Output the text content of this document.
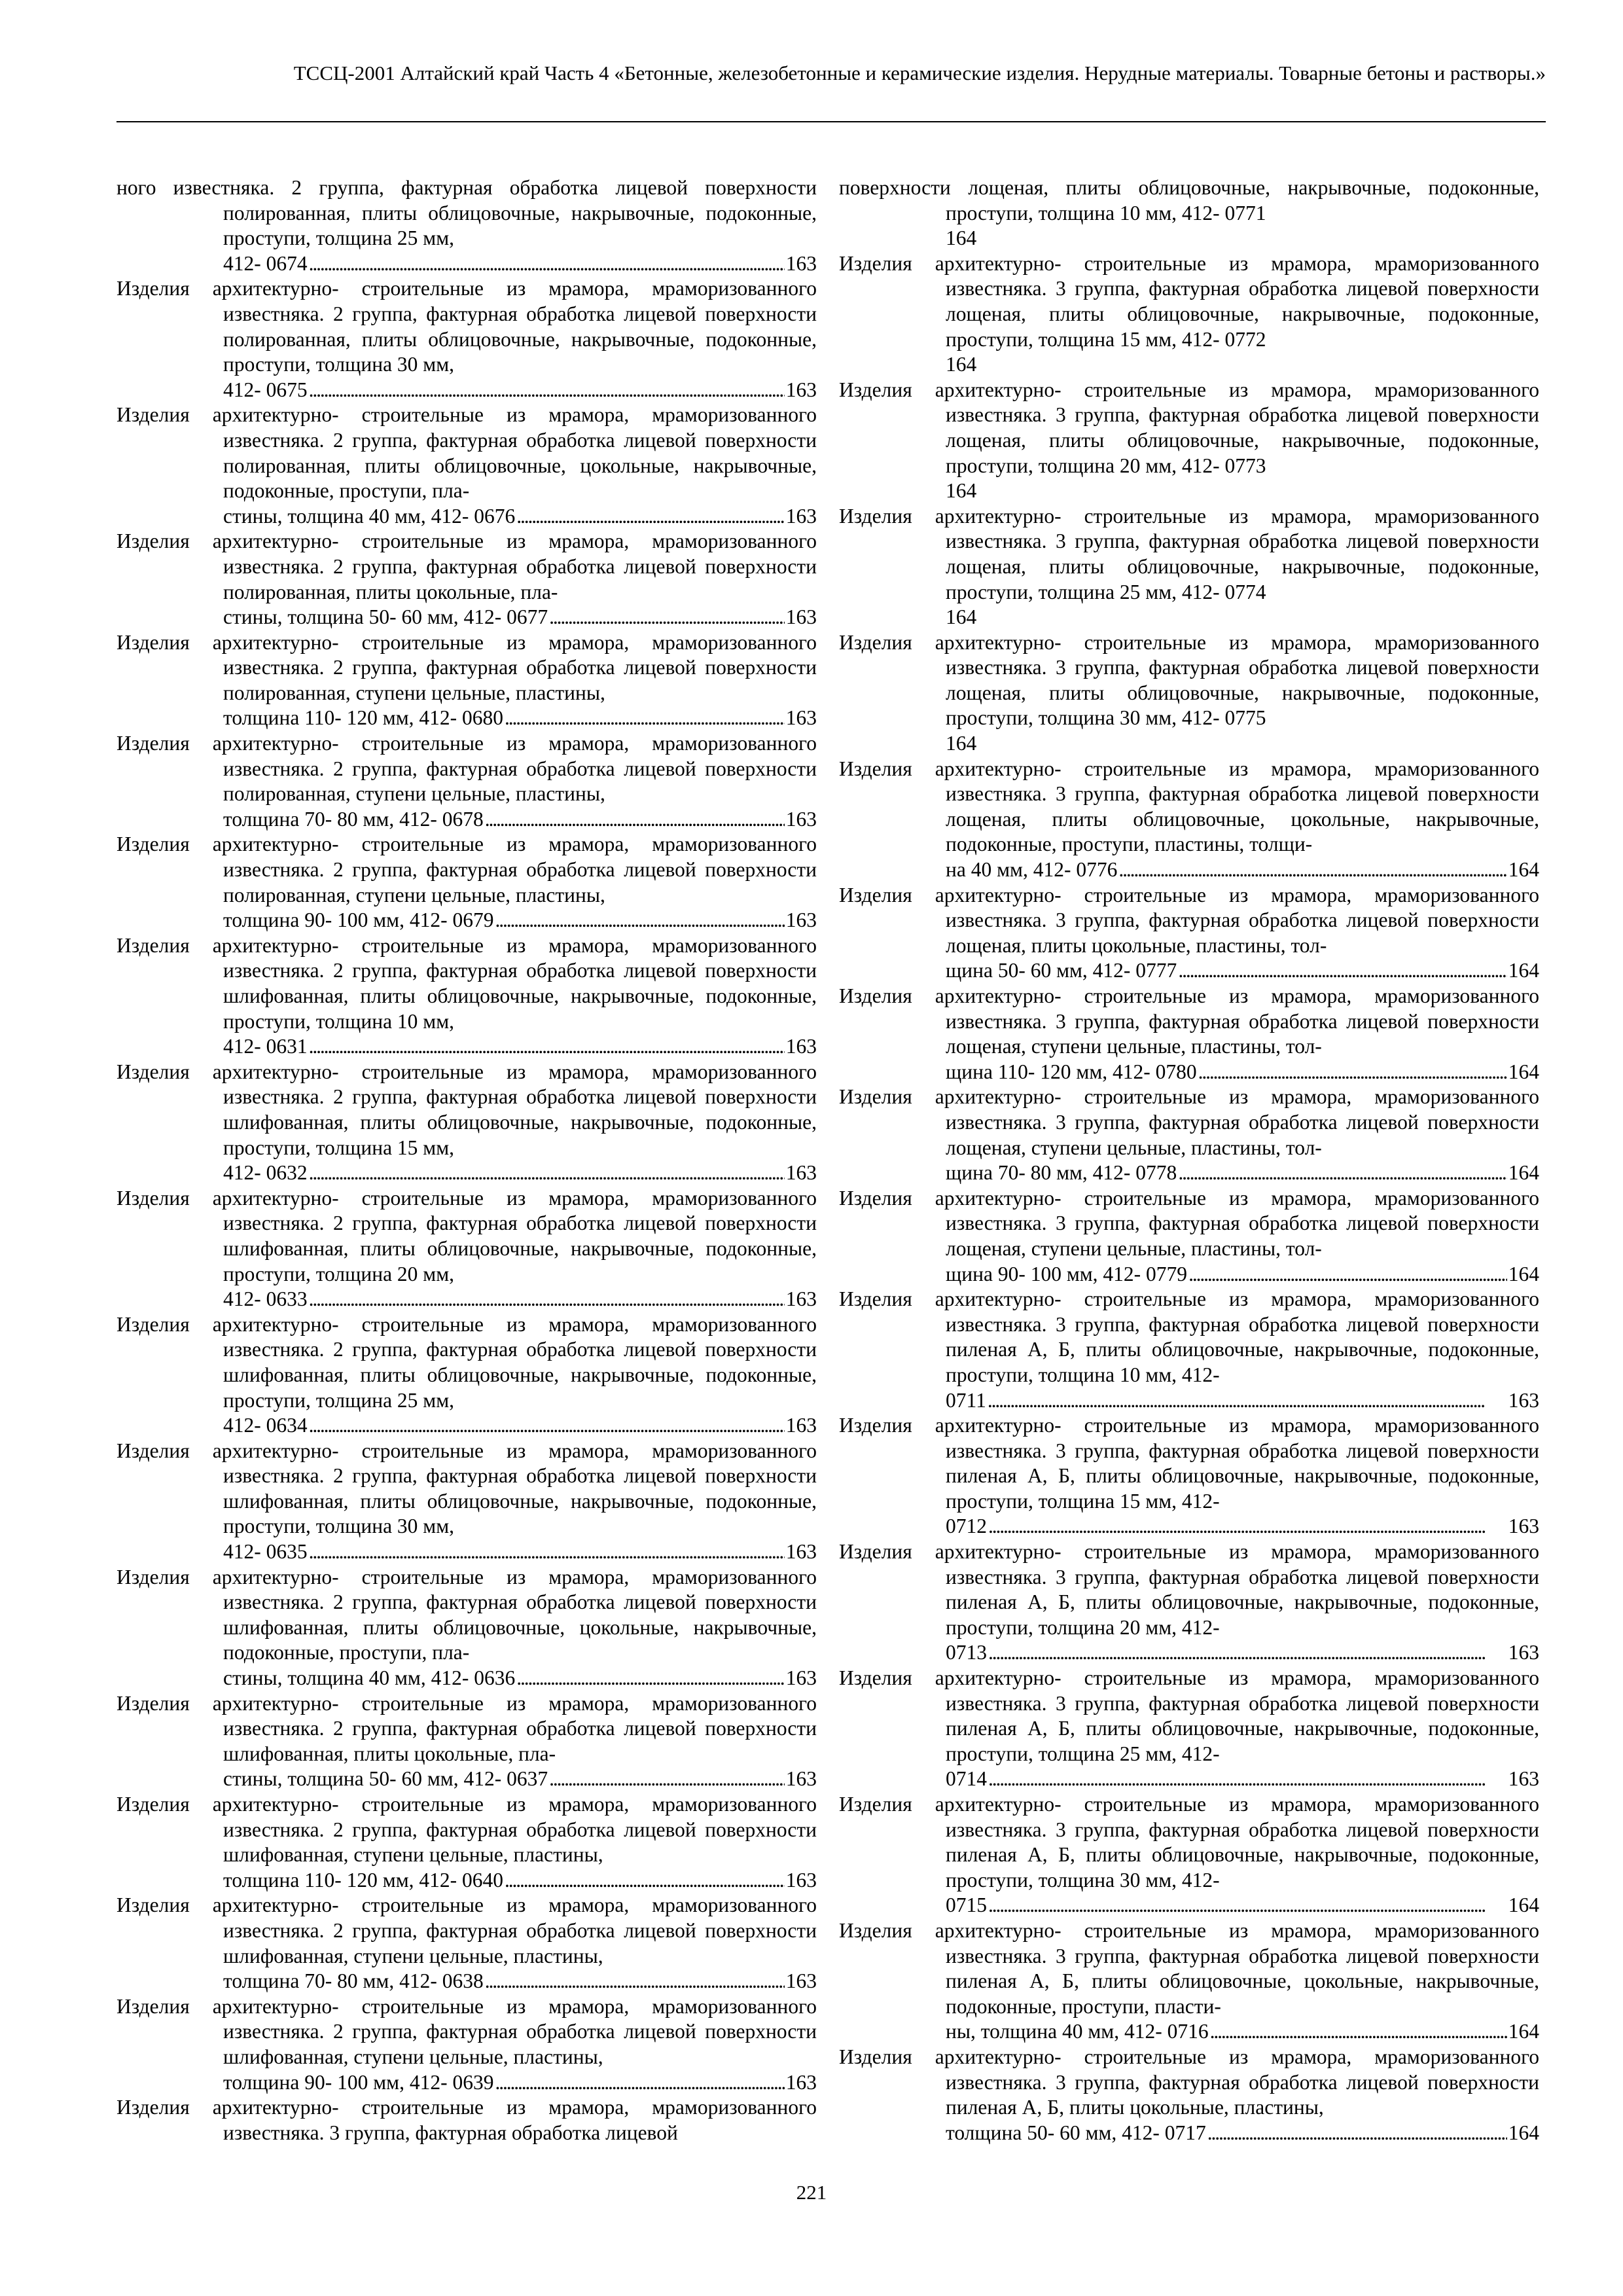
ТССЦ-2001 Алтайский край Часть 4 «Бетонные, железобетонные и керамические изделия. Нерудные материалы. Товарные бетоны и растворы.»
ного известняка. 2 группа, фактурная обработка лицевой поверхности полированная, плиты облицовочные, накрывочные, подоконные, проступи, толщина 25 мм,
412- 0674 . . .	163
Изделия архитектурно- строительные из мрамора, мраморизованного известняка. 2 группа, фактурная обработка лицевой поверхности полированная, плиты облицовочные, накрывочные, подоконные, проступи, толщина 30 мм,
412- 0675 . . .	163
Изделия архитектурно- строительные из мрамора, мраморизованного известняка. 2 группа, фактурная обработка лицевой поверхности полированная, плиты облицовочные, цокольные, накрывочные, подоконные, проступи, пла-
стины, толщина 40 мм, 412- 0676 . . .	163
Изделия архитектурно- строительные из мрамора, мраморизованного известняка. 2 группа, фактурная обработка лицевой поверхности полированная, плиты цокольные, пла-
стины, толщина 50- 60 мм, 412- 0677 . . .	163
Изделия архитектурно- строительные из мрамора, мраморизованного известняка. 2 группа, фактурная обработка лицевой поверхности полированная, ступени цельные, пластины,
толщина 110- 120 мм, 412- 0680 . . .	163
Изделия архитектурно- строительные из мрамора, мраморизованного известняка. 2 группа, фактурная обработка лицевой поверхности полированная, ступени цельные, пластины,
толщина 70- 80 мм, 412- 0678 . . .	163
Изделия архитектурно- строительные из мрамора, мраморизованного известняка. 2 группа, фактурная обработка лицевой поверхности полированная, ступени цельные, пластины,
толщина 90- 100 мм, 412- 0679 . . .	163
Изделия архитектурно- строительные из мрамора, мраморизованного известняка. 2 группа, фактурная обработка лицевой поверхности шлифованная, плиты облицовочные, накрывочные, подоконные, проступи, толщина 10 мм,
412- 0631 . . .	163
Изделия архитектурно- строительные из мрамора, мраморизованного известняка. 2 группа, фактурная обработка лицевой поверхности шлифованная, плиты облицовочные, накрывочные, подоконные, проступи, толщина 15 мм,
412- 0632 . . .	163
Изделия архитектурно- строительные из мрамора, мраморизованного известняка. 2 группа, фактурная обработка лицевой поверхности шлифованная, плиты облицовочные, накрывочные, подоконные, проступи, толщина 20 мм,
412- 0633 . . .	163
Изделия архитектурно- строительные из мрамора, мраморизованного известняка. 2 группа, фактурная обработка лицевой поверхности шлифованная, плиты облицовочные, накрывочные, подоконные, проступи, толщина 25 мм,
412- 0634 . . .	163
Изделия архитектурно- строительные из мрамора, мраморизованного известняка. 2 группа, фактурная обработка лицевой поверхности шлифованная, плиты облицовочные, накрывочные, подоконные, проступи, толщина 30 мм,
412- 0635 . . .	163
Изделия архитектурно- строительные из мрамора, мраморизованного известняка. 2 группа, фактурная обработка лицевой поверхности шлифованная, плиты облицовочные, цокольные, накрывочные, подоконные, проступи, пла-
стины, толщина 40 мм, 412- 0636 . . .	163
Изделия архитектурно- строительные из мрамора, мраморизованного известняка. 2 группа, фактурная обработка лицевой поверхности шлифованная, плиты цокольные, пла-
стины, толщина 50- 60 мм, 412- 0637 . . .	163
Изделия архитектурно- строительные из мрамора, мраморизованного известняка. 2 группа, фактурная обработка лицевой поверхности шлифованная, ступени цельные, пластины,
толщина 110- 120 мм, 412- 0640 . . .	163
Изделия архитектурно- строительные из мрамора, мраморизованного известняка. 2 группа, фактурная обработка лицевой поверхности шлифованная, ступени цельные, пластины,
толщина 70- 80 мм, 412- 0638 . . .	163
Изделия архитектурно- строительные из мрамора, мраморизованного известняка. 2 группа, фактурная обработка лицевой поверхности шлифованная, ступени цельные, пластины,
толщина 90- 100 мм, 412- 0639 . . .	163
Изделия архитектурно- строительные из мрамора, мраморизованного известняка. 3 группа, фактурная обработка лицевой
поверхности лощеная, плиты облицовочные, накрывочные, подоконные, проступи, толщина 10 мм, 412- 0771
164
Изделия архитектурно- строительные из мрамора, мраморизованного известняка. 3 группа, фактурная обработка лицевой поверхности лощеная, плиты облицовочные, накрывочные, подоконные, проступи, толщина 15 мм, 412- 0772
164
Изделия архитектурно- строительные из мрамора, мраморизованного известняка. 3 группа, фактурная обработка лицевой поверхности лощеная, плиты облицовочные, накрывочные, подоконные, проступи, толщина 20 мм, 412- 0773
164
Изделия архитектурно- строительные из мрамора, мраморизованного известняка. 3 группа, фактурная обработка лицевой поверхности лощеная, плиты облицовочные, накрывочные, подоконные, проступи, толщина 25 мм, 412- 0774
164
Изделия архитектурно- строительные из мрамора, мраморизованного известняка. 3 группа, фактурная обработка лицевой поверхности лощеная, плиты облицовочные, накрывочные, подоконные, проступи, толщина 30 мм, 412- 0775
164
Изделия архитектурно- строительные из мрамора, мраморизованного известняка. 3 группа, фактурная обработка лицевой поверхности лощеная, плиты облицовочные, цокольные, накрывочные, подоконные, проступи, пластины, толщи-
на 40 мм, 412- 0776 . . .	164
Изделия архитектурно- строительные из мрамора, мраморизованного известняка. 3 группа, фактурная обработка лицевой поверхности лощеная, плиты цокольные, пластины, тол-
щина 50- 60 мм, 412- 0777 . . .	164
Изделия архитектурно- строительные из мрамора, мраморизованного известняка. 3 группа, фактурная обработка лицевой поверхности лощеная, ступени цельные, пластины, тол-
щина 110- 120 мм, 412- 0780 . . .	164
Изделия архитектурно- строительные из мрамора, мраморизованного известняка. 3 группа, фактурная обработка лицевой поверхности лощеная, ступени цельные, пластины, тол-
щина 70- 80 мм, 412- 0778 . . .	164
Изделия архитектурно- строительные из мрамора, мраморизованного известняка. 3 группа, фактурная обработка лицевой поверхности лощеная, ступени цельные, пластины, тол-
щина 90- 100 мм, 412- 0779 . . .	164
Изделия архитектурно- строительные из мрамора, мраморизованного известняка. 3 группа, фактурная обработка лицевой поверхности пиленая А, Б, плиты облицовочные, накрывочные, подоконные, проступи, толщина 10 мм, 412-
0711 . . .	163
Изделия архитектурно- строительные из мрамора, мраморизованного известняка. 3 группа, фактурная обработка лицевой поверхности пиленая А, Б, плиты облицовочные, накрывочные, подоконные, проступи, толщина 15 мм, 412-
0712 . . .	163
Изделия архитектурно- строительные из мрамора, мраморизованного известняка. 3 группа, фактурная обработка лицевой поверхности пиленая А, Б, плиты облицовочные, накрывочные, подоконные, проступи, толщина 20 мм, 412-
0713 . . .	163
Изделия архитектурно- строительные из мрамора, мраморизованного известняка. 3 группа, фактурная обработка лицевой поверхности пиленая А, Б, плиты облицовочные, накрывочные, подоконные, проступи, толщина 25 мм, 412-
0714 . . .	163
Изделия архитектурно- строительные из мрамора, мраморизованного известняка. 3 группа, фактурная обработка лицевой поверхности пиленая А, Б, плиты облицовочные, накрывочные, подоконные, проступи, толщина 30 мм, 412-
0715 . . .	164
Изделия архитектурно- строительные из мрамора, мраморизованного известняка. 3 группа, фактурная обработка лицевой поверхности пиленая А, Б, плиты облицовочные, цокольные, накрывочные, подоконные, проступи, пласти-
ны, толщина 40 мм, 412- 0716 . . .	164
Изделия архитектурно- строительные из мрамора, мраморизованного известняка. 3 группа, фактурная обработка лицевой поверхности пиленая А, Б, плиты цокольные, пластины,
толщина 50- 60 мм, 412- 0717 . . .	164
221
